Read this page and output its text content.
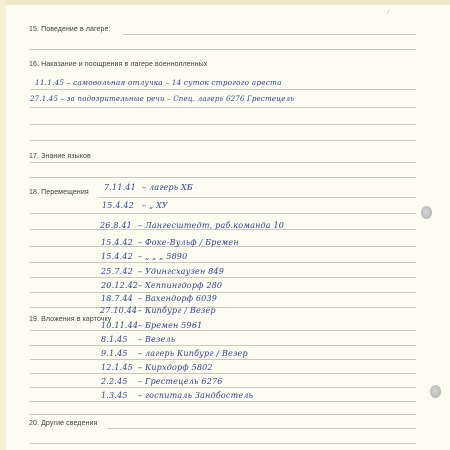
⁄
15. Поведение в лагере:
16. Наказание и поощрения в лагере военнопленных
11.1.45 – самовольная отлучка – 14 суток строгого ареста
27.1.45 – за подозрительные речи – Спец. лагерь 6276 Грестецель
17. Знание языков
18. Перемещения
7.11.41 – лагерь XБ
15.4.42 – „ XУ
26.8.41 – Лангесштедт, раб.команда 10
15.4.42 – Фоке-Вульф / Бремен
15.4.42 – „ „ „ 5890
25.7.42 – Удингсхаузен 849
20.12.42 – Хеппингдорф 280
18.7.44 – Вахендорф 6039
27.10.44 – Кипбург / Везер
19. Вложения в карточку
10.11.44 – Бремен 5961
8.1.45 – Везель
9.1.45 – лагерь Кипбург / Везер
12.1.45 – Кирхдорф 5802
2.2.45 – Грестецель 6276
1.3.45 – госпиталь Зандбостель
20. Другие сведения
